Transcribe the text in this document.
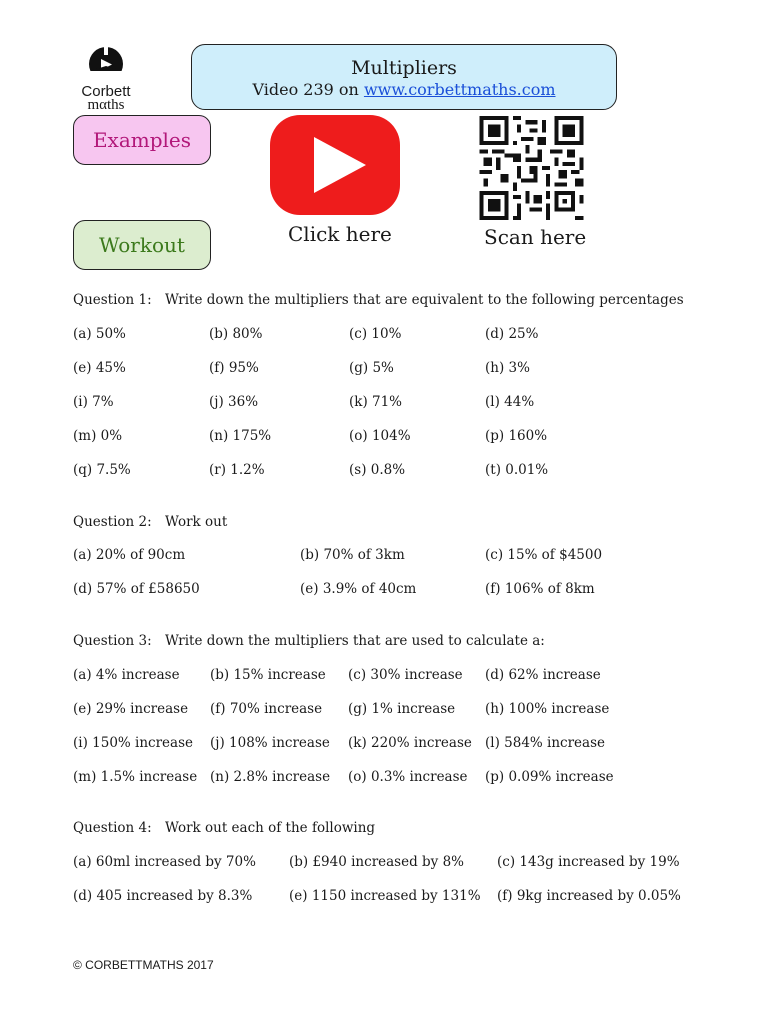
Corbett
mαths
Multipliers
Video 239 on www.corbettmaths.com
Examples
Workout	Click here	Scan here
Question 1: Write down the multipliers that are equivalent to the following percentages
(a) 50%	(b) 80%	(c) 10%	(d) 25%
(e) 45%	(f) 95%	(g) 5%	(h) 3%
(i) 7%	(j) 36%	(k) 71%	(l) 44%
(m) 0%	(n) 175%	(o) 104%	(p) 160%
(q) 7.5%	(r) 1.2%	(s) 0.8%	(t) 0.01%
Question 2: Work out
(a) 20% of 90cm	(b) 70% of 3km	(c) 15% of $4500
(d) 57% of £58650	(e) 3.9% of 40cm	(f) 106% of 8km
Question 3: Write down the multipliers that are used to calculate a:
(a) 4% increase (b) 15% increase (c) 30% increase (d) 62% increase
(e) 29% increase (f) 70% increase (g) 1% increase (h) 100% increase
(i) 150% increase (j) 108% increase (k) 220% increase (l) 584% increase
(m) 1.5% increase (n) 2.8% increase (o) 0.3% increase (p) 0.09% increase
Question 4: Work out each of the following
(a) 60ml increased by 70% (b) £940 increased by 8% (c) 143g increased by 19%
(d) 405 increased by 8.3%	(e) 1150 increased by 131% (f) 9kg increased by 0.05%
© CORBETTMATHS 2017
